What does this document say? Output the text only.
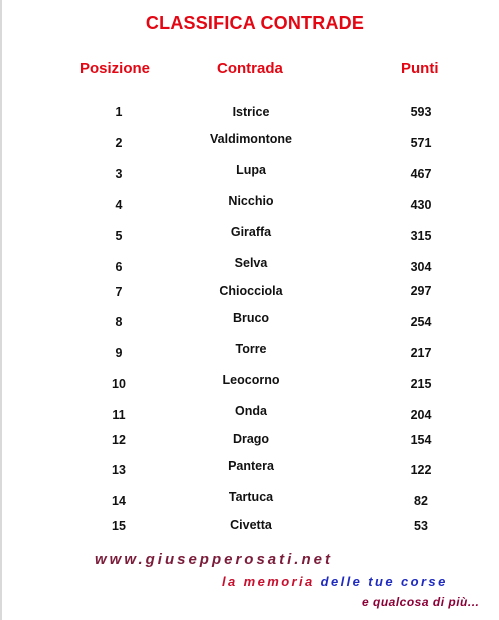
CLASSIFICA CONTRADE
Posizione	Contrada	Punti
1	Istrice	593
2	Valdimontone	571
3	Lupa	467
4	Nicchio	430
5	Giraffa	315
6	Selva	304
7	Chiocciola	297
8	Bruco	254
9	Torre	217
10	Leocorno	215
11	Onda	204
12	Drago	154
13	Pantera	122
14	Tartuca	82
15	Civetta	53
www.giusepperosati.net
la memoria delle tue corse
e qualcosa di più...
